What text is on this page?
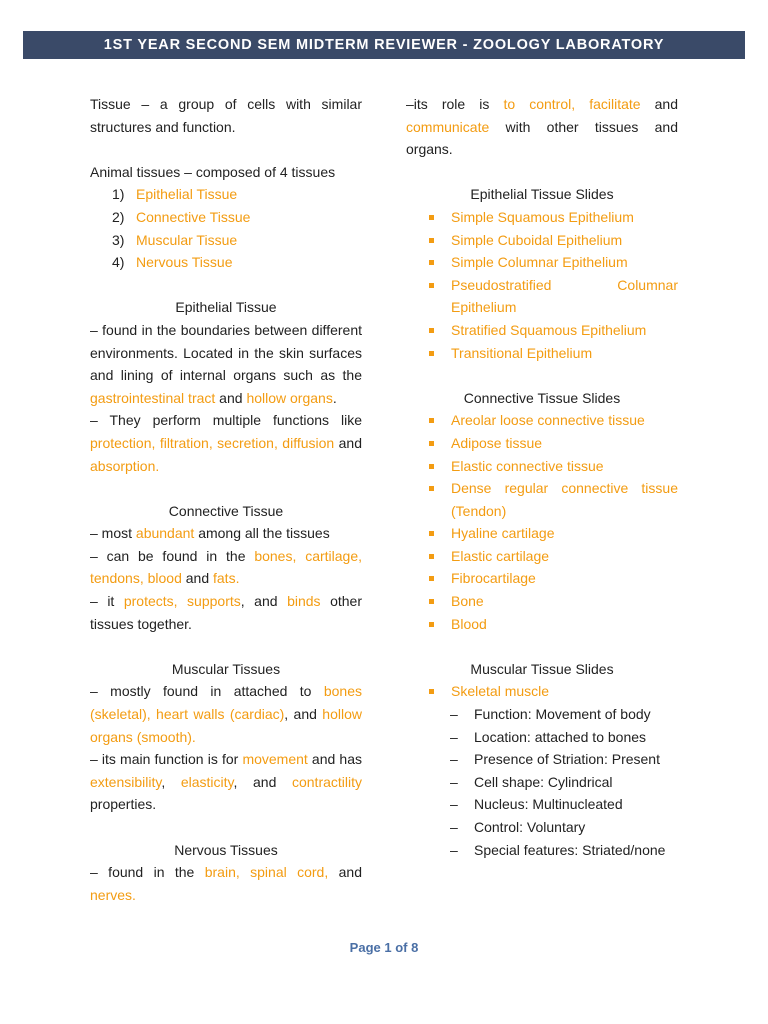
1ST YEAR SECOND SEM MIDTERM REVIEWER - ZOOLOGY LABORATORY

Tissue – a group of cells with similar structures and function.

Animal tissues – composed of 4 tissues

1) Epithelial Tissue
2) Connective Tissue
3) Muscular Tissue
4) Nervous Tissue

Epithelial Tissue

– found in the boundaries between different environments. Located in the skin surfaces and lining of internal organs such as the gastrointestinal tract and hollow organs.

– They perform multiple functions like protection, filtration, secretion, diffusion and absorption.

Connective Tissue

– most abundant among all the tissues

– can be found in the bones, cartilage, tendons, blood and fats.

– it protects, supports, and binds other tissues together.

Muscular Tissues

– mostly found in attached to bones (skeletal), heart walls (cardiac), and hollow organs (smooth).

– its main function is for movement and has extensibility, elasticity, and contractility properties.

Nervous Tissues

– found in the brain, spinal cord, and nerves.

–its role is to control, facilitate and communicate with other tissues and organs.

Epithelial Tissue Slides

Simple Squamous Epithelium
Simple Cuboidal Epithelium
Simple Columnar Epithelium
Pseudostratified Columnar Epithelium
Stratified Squamous Epithelium
Transitional Epithelium

Connective Tissue Slides

Areolar loose connective tissue
Adipose tissue
Elastic connective tissue
Dense regular connective tissue (Tendon)
Hyaline cartilage
Elastic cartilage
Fibrocartilage
Bone
Blood

Muscular Tissue Slides

Skeletal muscle
– Function: Movement of body
– Location: attached to bones
– Presence of Striation: Present
– Cell shape: Cylindrical
– Nucleus: Multinucleated
– Control: Voluntary
– Special features: Striated/none
Page 1 of 8
